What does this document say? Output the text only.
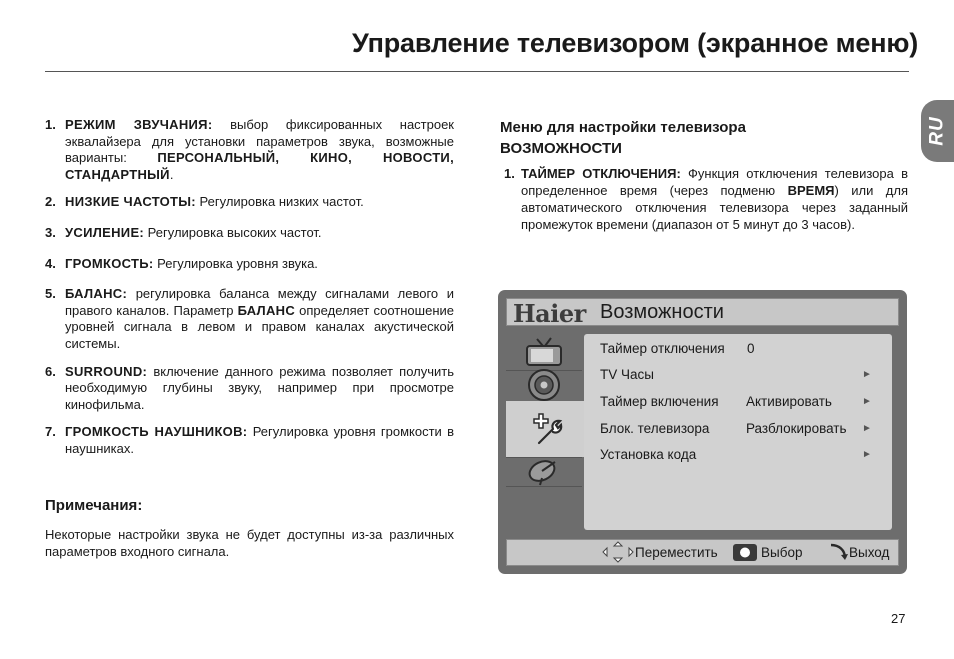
Управление телевизором (экранное меню)
RU
1. РЕЖИМ ЗВУЧАНИЯ: выбор фиксированных настроек эквалайзера для установки параметров звука, возможные варианты: ПЕРСОНАЛЬНЫЙ, КИНО, НОВОСТИ, СТАНДАРТНЫЙ.
2. НИЗКИЕ ЧАСТОТЫ: Регулировка низких частот.
3. УСИЛЕНИЕ: Регулировка высоких частот.
4. ГРОМКОСТЬ: Регулировка уровня звука.
5. БАЛАНС: регулировка баланса между сигналами левого и правого каналов. Параметр БАЛАНС определяет соотношение уровней сигнала в левом и правом каналах акустической системы.
6. SURROUND: включение данного режима позволяет получить необходимую глубины звуку, например при просмотре кинофильма.
7. ГРОМКОСТЬ НАУШНИКОВ: Регулировка уровня громкости в наушниках.
Примечания:
Некоторые настройки звука не будет доступны из-за различных параметров входного сигнала.
Меню для настройки телевизора
ВОЗМОЖНОСТИ
1. ТАЙМЕР ОТКЛЮЧЕНИЯ: Функция отключения телевизора в определенное время (через подменю ВРЕМЯ) или для автоматического отключения телевизора через заданный промежуток времени (диапазон от 5 минут до 3 часов).
Haier Возможности
Таймер отключения 0
TV Часы	►
Таймер включения Активировать	►
Блок. телевизора	Разблокировать ►
Установка кода	►
Переместить	Выбор	Выход
27
